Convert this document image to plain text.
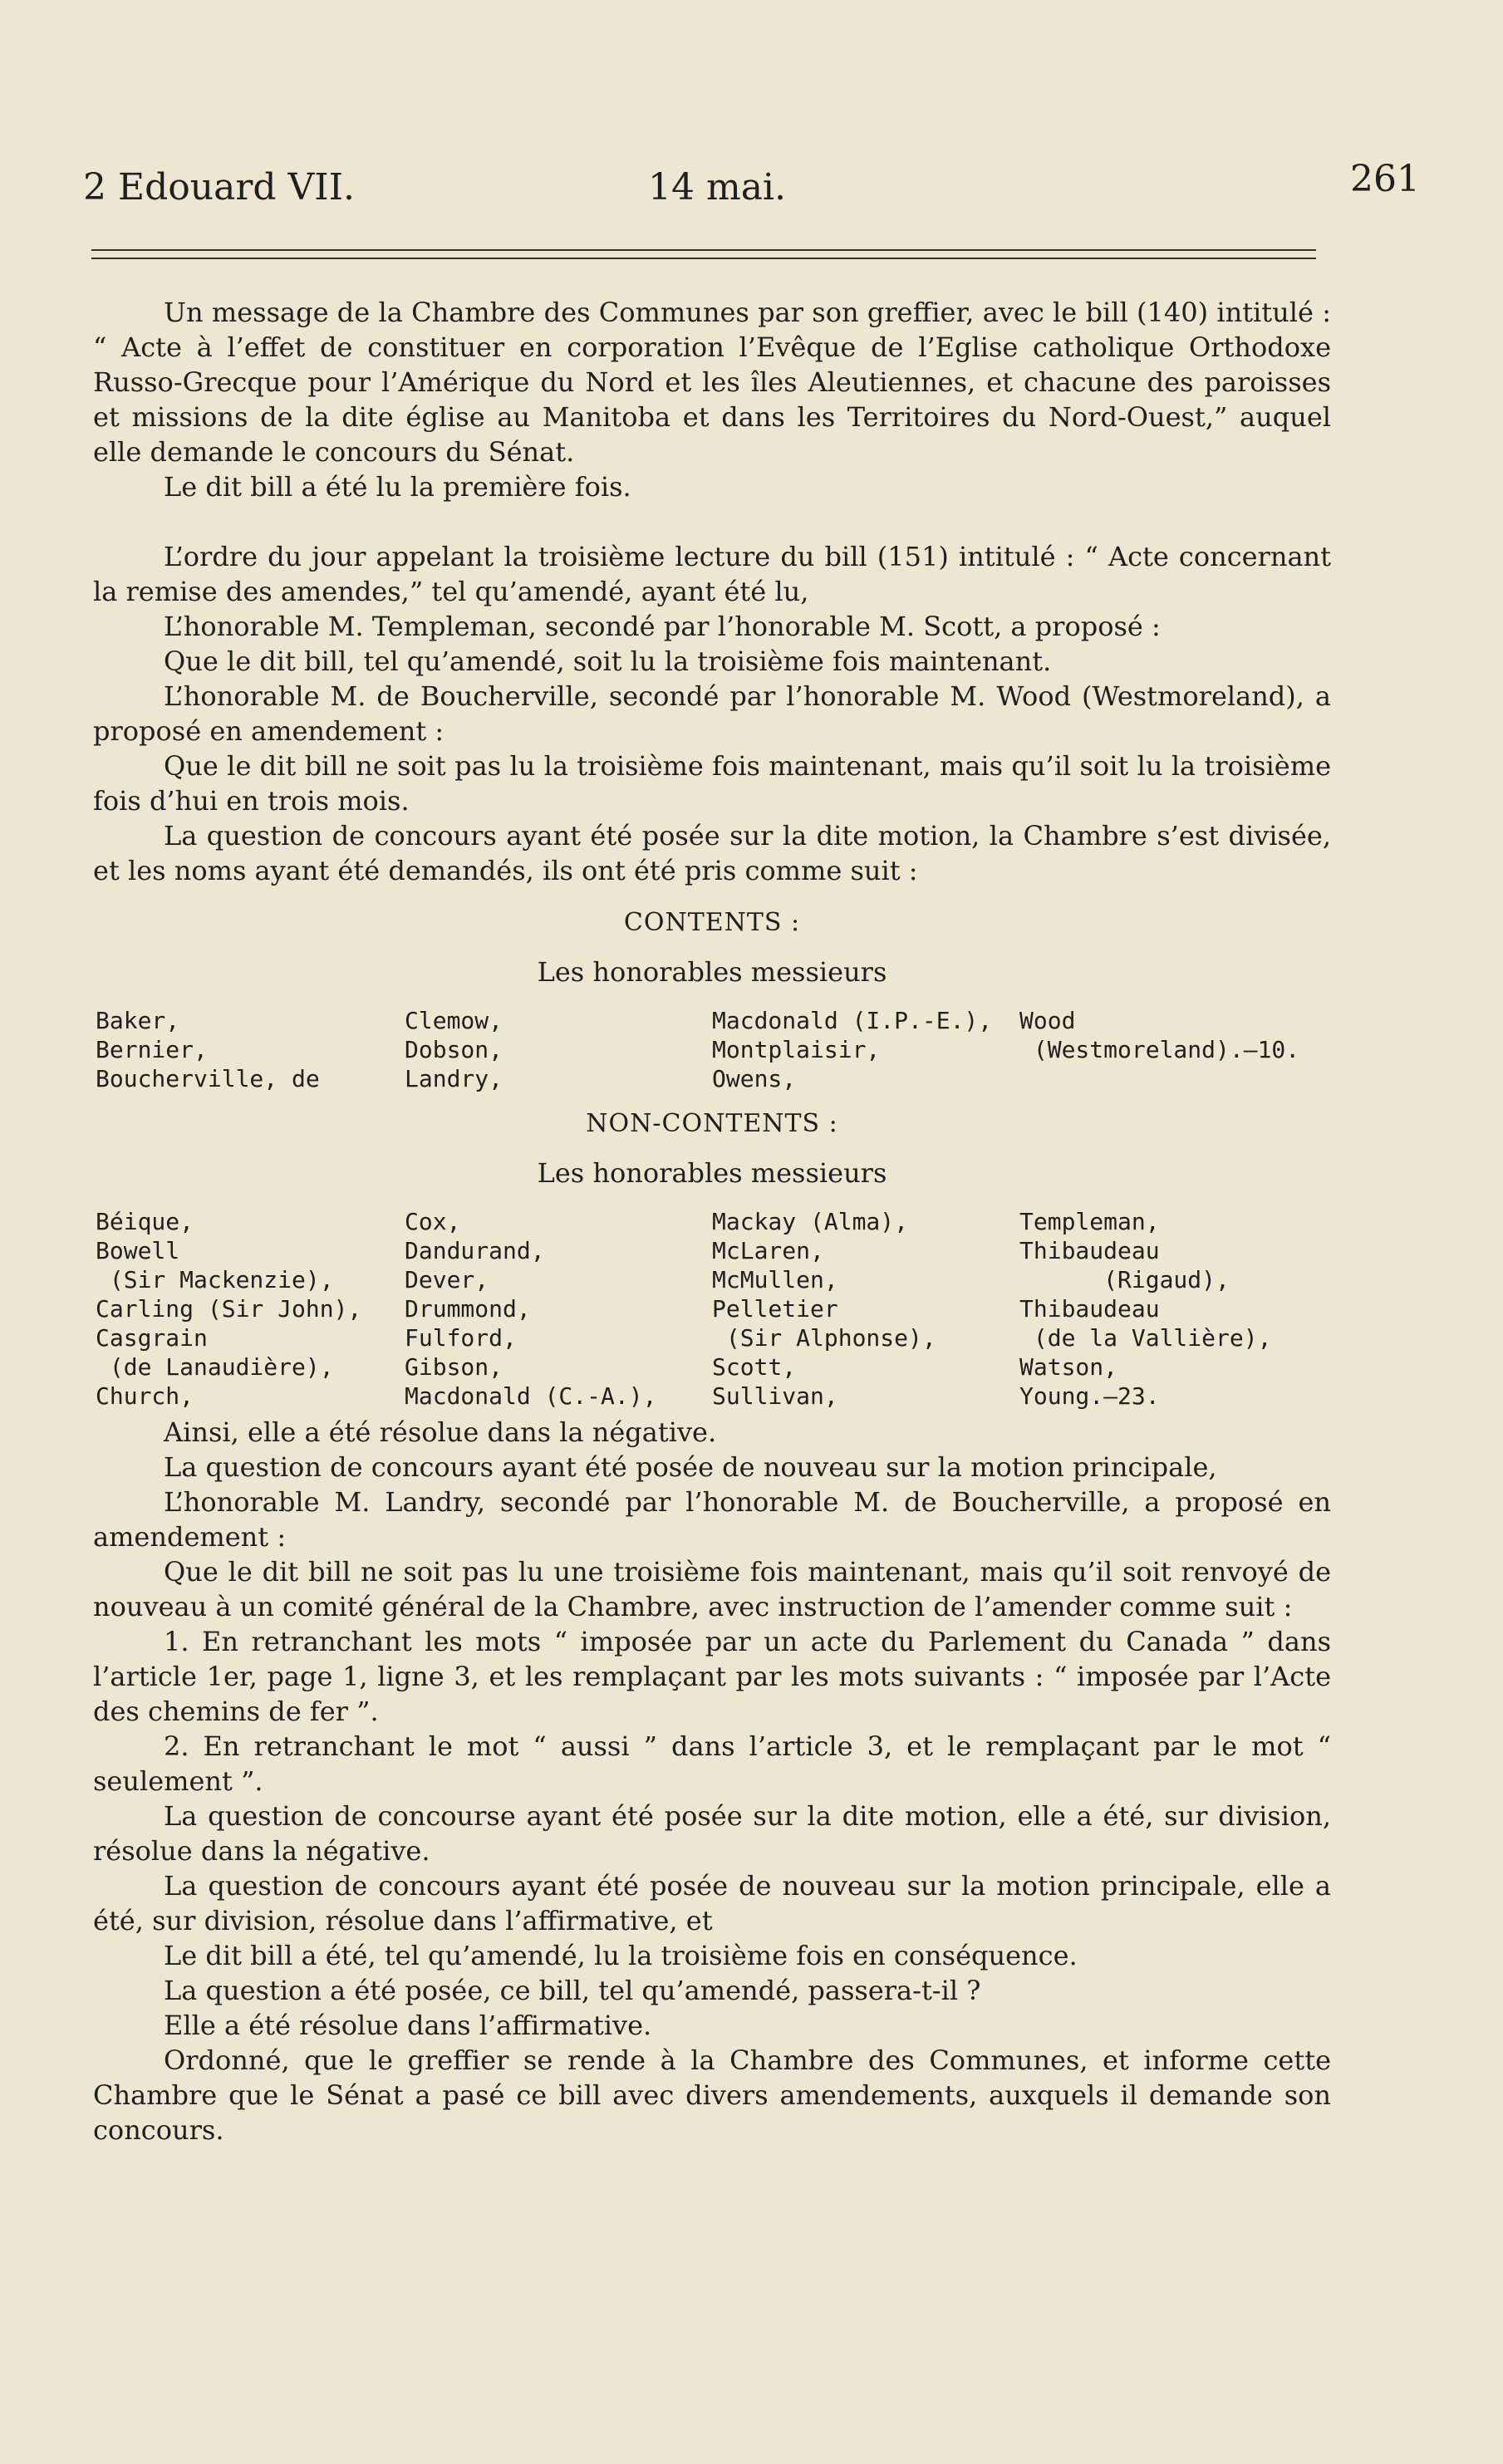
2 Edouard VII.	14 mai.	261

Un message de la Chambre des Communes par son greffier, avec le bill (140) intitulé : “ Acte à l’effet de constituer en corporation l’Evêque de l’Eglise catholique Orthodoxe Russo-Grecque pour l’Amérique du Nord et les îles Aleutiennes, et chacune des paroisses et missions de la dite église au Manitoba et dans les Territoires du Nord-Ouest,” auquel elle demande le concours du Sénat.

Le dit bill a été lu la première fois.

L’ordre du jour appelant la troisième lecture du bill (151) intitulé : “ Acte concernant la remise des amendes,” tel qu’amendé, ayant été lu,

L’honorable M. Templeman, secondé par l’honorable M. Scott, a proposé :

Que le dit bill, tel qu’amendé, soit lu la troisième fois maintenant.

L’honorable M. de Boucherville, secondé par l’honorable M. Wood (Westmoreland), a proposé en amendement :

Que le dit bill ne soit pas lu la troisième fois maintenant, mais qu’il soit lu la troisième fois d’hui en trois mois.

La question de concours ayant été posée sur la dite motion, la Chambre s’est divisée, et les noms ayant été demandés, ils ont été pris comme suit :

CONTENTS :
Les honorables messieurs
Baker,
Bernier,
Boucherville, de
Clemow,
Dobson,
Landry,
Macdonald (I.P.-E.),
Montplaisir,
Owens,
Wood
(Westmoreland).—10.
NON-CONTENTS :
Les honorables messieurs
Béique,
Bowell
(Sir Mackenzie),
Carling (Sir John),
Casgrain
(de Lanaudière),
Church,
Cox,
Dandurand,
Dever,
Drummond,
Fulford,
Gibson,
Macdonald (C.-A.),
Mackay (Alma),
McLaren,
McMullen,
Pelletier
(Sir Alphonse),
Scott,
Sullivan,
Templeman,
Thibaudeau
(Rigaud),
Thibaudeau
(de la Vallière),
Watson,
Young.—23.

Ainsi, elle a été résolue dans la négative.

La question de concours ayant été posée de nouveau sur la motion principale,

L’honorable M. Landry, secondé par l’honorable M. de Boucherville, a proposé en amendement :

Que le dit bill ne soit pas lu une troisième fois maintenant, mais qu’il soit renvoyé de nouveau à un comité général de la Chambre, avec instruction de l’amender comme suit :

1. En retranchant les mots “ imposée par un acte du Parlement du Canada ” dans l’article 1er, page 1, ligne 3, et les remplaçant par les mots suivants : “ imposée par l’Acte des chemins de fer ”.

2. En retranchant le mot “ aussi ” dans l’article 3, et le remplaçant par le mot “ seulement ”.

La question de concourse ayant été posée sur la dite motion, elle a été, sur division, résolue dans la négative.

La question de concours ayant été posée de nouveau sur la motion principale, elle a été, sur division, résolue dans l’affirmative, et

Le dit bill a été, tel qu’amendé, lu la troisième fois en conséquence.

La question a été posée, ce bill, tel qu’amendé, passera-t-il ?

Elle a été résolue dans l’affirmative.

Ordonné, que le greffier se rende à la Chambre des Communes, et informe cette Chambre que le Sénat a pasé ce bill avec divers amendements, auxquels il demande son concours.
